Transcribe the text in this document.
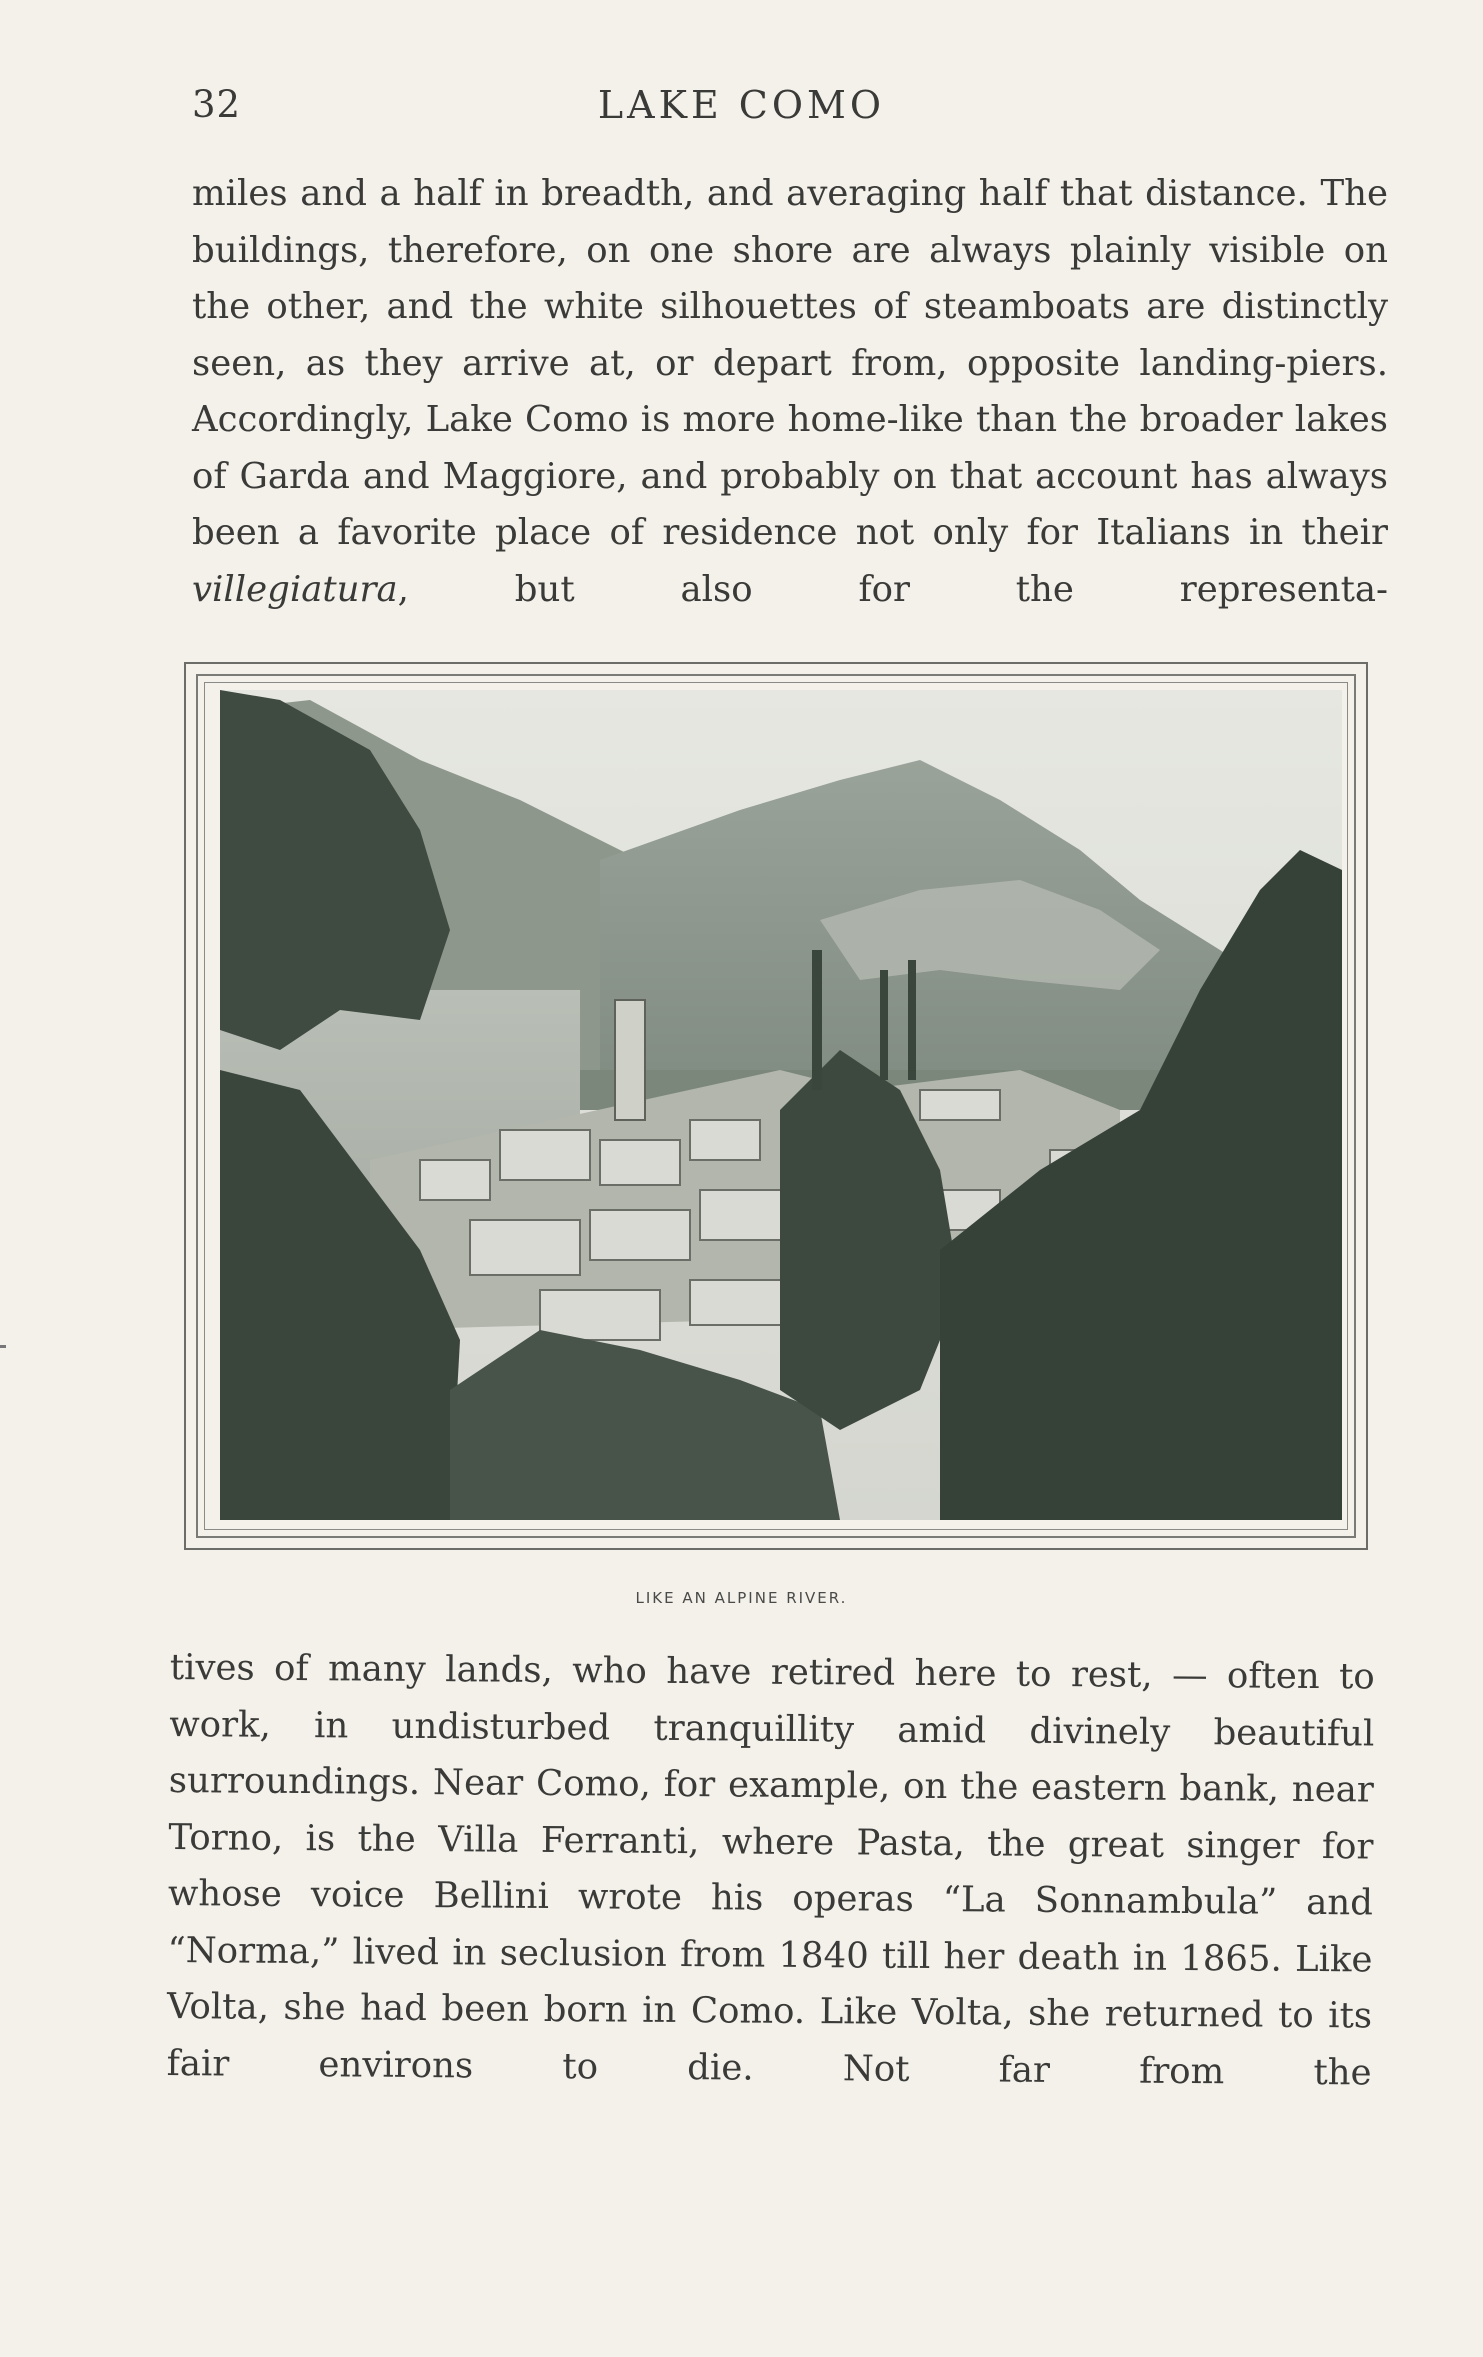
32	LAKE COMO

miles and a half in breadth, and averaging half that distance. The buildings, therefore, on one shore are always plainly visible on the other, and the white silhouettes of steamboats are distinctly seen, as they arrive at, or depart from, opposite landing-piers. Accordingly, Lake Como is more home-like than the broader lakes of Garda and Maggiore, and probably on that account has always been a favorite place of residence not only for Italians in their villegiatura, but also for the representa-

LIKE AN ALPINE RIVER.

tives of many lands, who have retired here to rest, — often to work, in undisturbed tranquillity amid divinely beautiful surroundings. Near Como, for example, on the eastern bank, near Torno, is the Villa Ferranti, where Pasta, the great singer for whose voice Bellini wrote his operas “La Sonnambula” and “Norma,” lived in seclusion from 1840 till her death in 1865. Like Volta, she had been born in Como. Like Volta, she returned to its fair environs to die. Not far from the
